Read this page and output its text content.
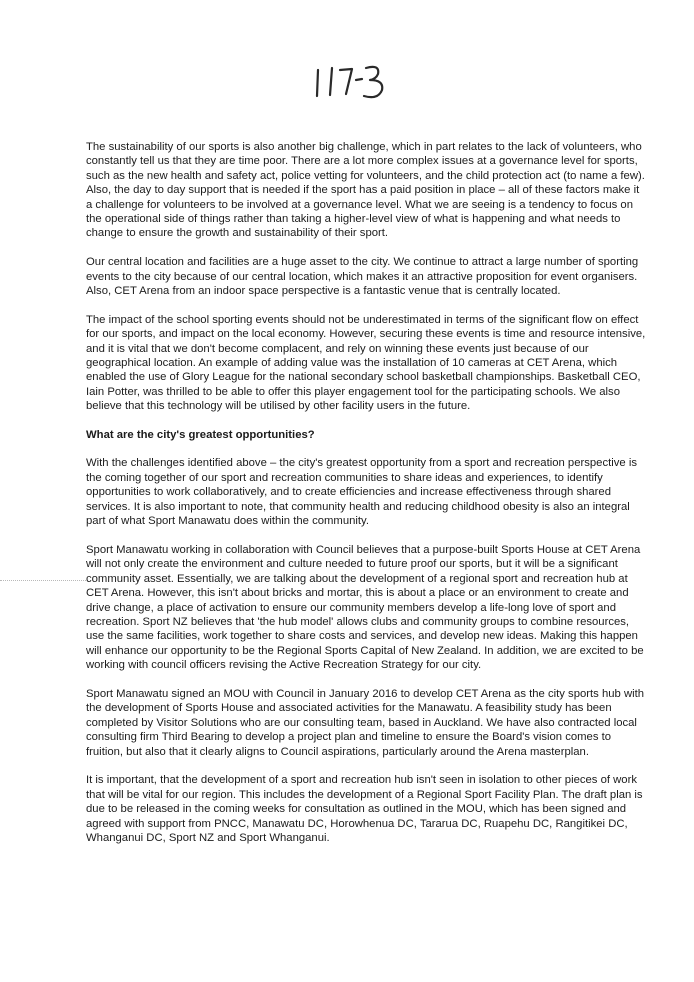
The sustainability of our sports is also another big challenge, which in part relates to the lack of volunteers, who constantly tell us that they are time poor. There are a lot more complex issues at a governance level for sports, such as the new health and safety act, police vetting for volunteers, and the child protection act (to name a few). Also, the day to day support that is needed if the sport has a paid position in place – all of these factors make it a challenge for volunteers to be involved at a governance level. What we are seeing is a tendency to focus on the operational side of things rather than taking a higher-level view of what is happening and what needs to change to ensure the growth and sustainability of their sport.

Our central location and facilities are a huge asset to the city. We continue to attract a large number of sporting events to the city because of our central location, which makes it an attractive proposition for event organisers. Also, CET Arena from an indoor space perspective is a fantastic venue that is centrally located.

The impact of the school sporting events should not be underestimated in terms of the significant flow on effect for our sports, and impact on the local economy. However, securing these events is time and resource intensive, and it is vital that we don't become complacent, and rely on winning these events just because of our geographical location. An example of adding value was the installation of 10 cameras at CET Arena, which enabled the use of Glory League for the national secondary school basketball championships. Basketball CEO, Iain Potter, was thrilled to be able to offer this player engagement tool for the participating schools. We also believe that this technology will be utilised by other facility users in the future.

What are the city's greatest opportunities?

With the challenges identified above – the city's greatest opportunity from a sport and recreation perspective is the coming together of our sport and recreation communities to share ideas and experiences, to identify opportunities to work collaboratively, and to create efficiencies and increase effectiveness through shared services. It is also important to note, that community health and reducing childhood obesity is also an integral part of what Sport Manawatu does within the community.

Sport Manawatu working in collaboration with Council believes that a purpose-built Sports House at CET Arena will not only create the environment and culture needed to future proof our sports, but it will be a significant community asset. Essentially, we are talking about the development of a regional sport and recreation hub at CET Arena. However, this isn't about bricks and mortar, this is about a place or an environment to create and drive change, a place of activation to ensure our community members develop a life-long love of sport and recreation. Sport NZ believes that 'the hub model' allows clubs and community groups to combine resources, use the same facilities, work together to share costs and services, and develop new ideas. Making this happen will enhance our opportunity to be the Regional Sports Capital of New Zealand. In addition, we are excited to be working with council officers revising the Active Recreation Strategy for our city.

Sport Manawatu signed an MOU with Council in January 2016 to develop CET Arena as the city sports hub with the development of Sports House and associated activities for the Manawatu. A feasibility study has been completed by Visitor Solutions who are our consulting team, based in Auckland. We have also contracted local consulting firm Third Bearing to develop a project plan and timeline to ensure the Board's vision comes to fruition, but also that it clearly aligns to Council aspirations, particularly around the Arena masterplan.

It is important, that the development of a sport and recreation hub isn't seen in isolation to other pieces of work that will be vital for our region. This includes the development of a Regional Sport Facility Plan. The draft plan is due to be released in the coming weeks for consultation as outlined in the MOU, which has been signed and agreed with support from PNCC, Manawatu DC, Horowhenua DC, Tararua DC, Ruapehu DC, Rangitikei DC, Whanganui DC, Sport NZ and Sport Whanganui.
